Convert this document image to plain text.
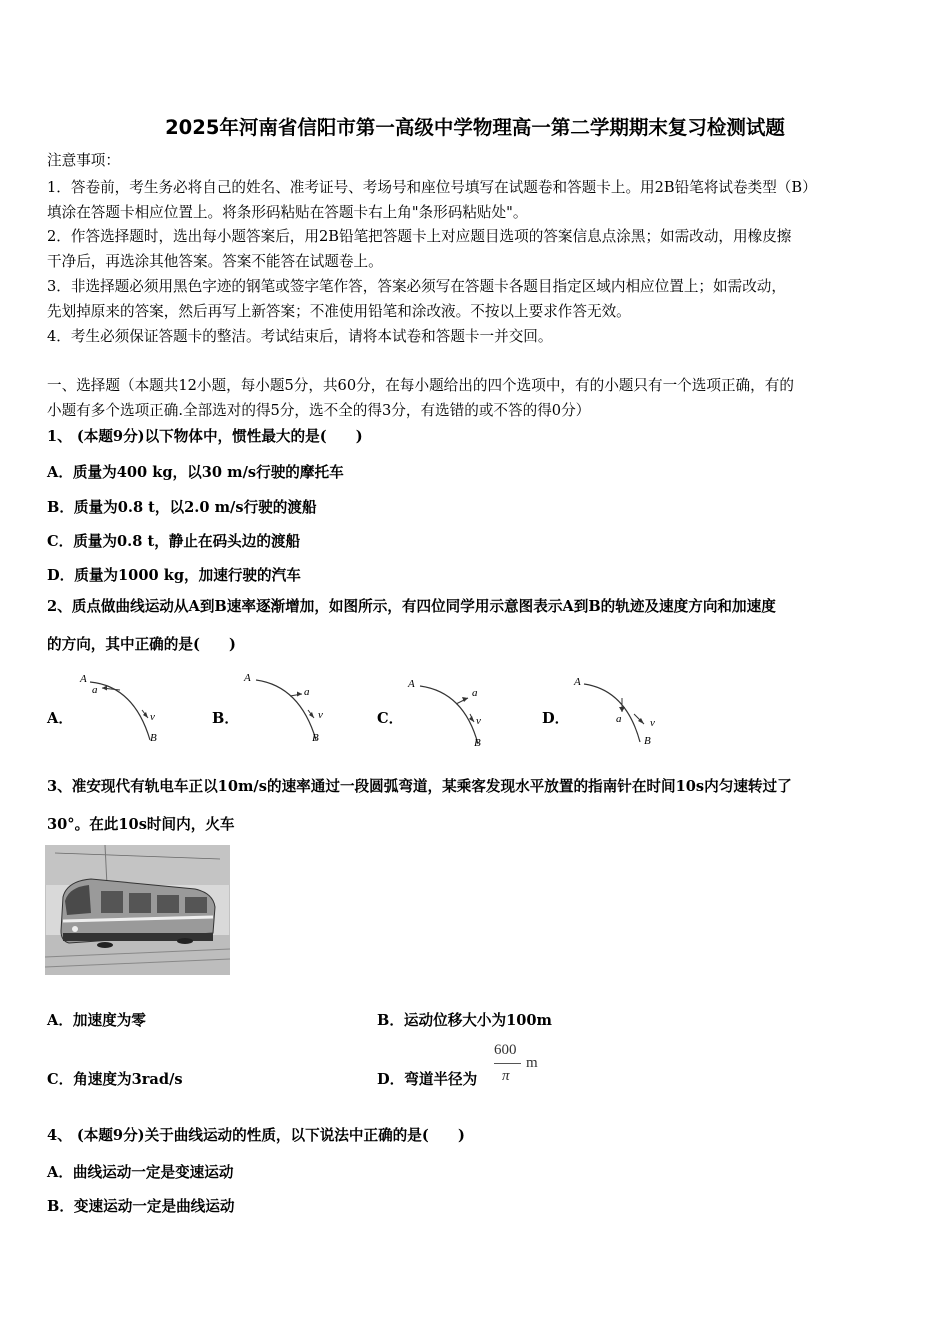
2025年河南省信阳市第一高级中学物理高一第二学期期末复习检测试题
注意事项：
1．答卷前，考生务必将自己的姓名、准考证号、考场号和座位号填写在试题卷和答题卡上。用2B铅笔将试卷类型（B）
填涂在答题卡相应位置上。将条形码粘贴在答题卡右上角"条形码粘贴处"。
2．作答选择题时，选出每小题答案后，用2B铅笔把答题卡上对应题目选项的答案信息点涂黑；如需改动，用橡皮擦
干净后，再选涂其他答案。答案不能答在试题卷上。
3．非选择题必须用黑色字迹的钢笔或签字笔作答，答案必须写在答题卡各题目指定区域内相应位置上；如需改动，
先划掉原来的答案，然后再写上新答案；不准使用铅笔和涂改液。不按以上要求作答无效。
4．考生必须保证答题卡的整洁。考试结束后，请将本试卷和答题卡一并交回。
一、选择题（本题共12小题，每小题5分，共60分，在每小题给出的四个选项中，有的小题只有一个选项正确，有的
小题有多个选项正确.全部选对的得5分，选不全的得3分，有选错的或不答的得0分）
1、 (本题9分)以下物体中，惯性最大的是(　　)
A．质量为400 kg，以30 m/s行驶的摩托车
B．质量为0.8 t，以2.0 m/s行驶的渡船
C．质量为0.8 t，静止在码头边的渡船
D．质量为1000 kg，加速行驶的汽车
2、质点做曲线运动从A到B速率逐渐增加，如图所示，有四位同学用示意图表示A到B的轨迹及速度方向和加速度
的方向，其中正确的是(　　)
A．	B．	C．	D．
A
a
v
B
A
a
v
B
A
a
v
B
A
a	v
B
3、准安现代有轨电车正以10m/s的速率通过一段圆弧弯道，某乘客发现水平放置的指南针在时间10s内匀速转过了
30°。在此10s时间内，火车
A．加速度为零	B．运动位移大小为100m
C．角速度为3rad/s	D．弯道半径为
600
π
m
4、 (本题9分)关于曲线运动的性质，以下说法中正确的是(　　)
A．曲线运动一定是变速运动
B．变速运动一定是曲线运动
